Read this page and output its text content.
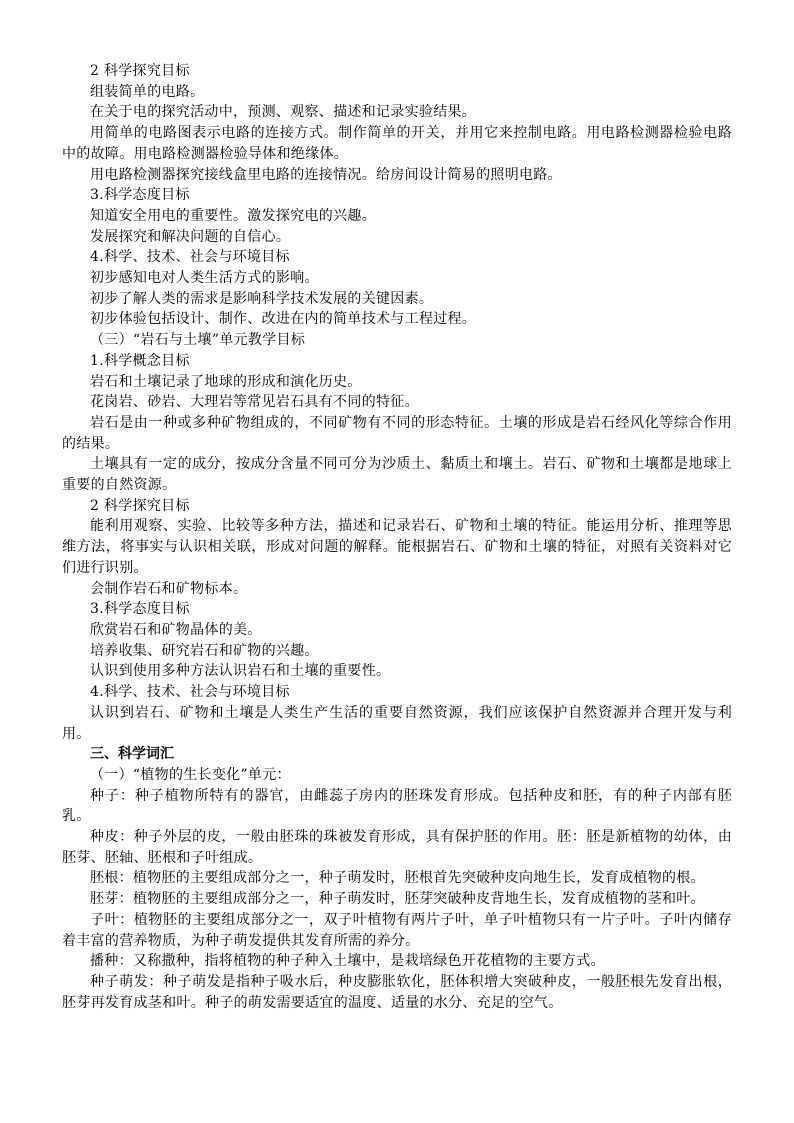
2 科学探究目标

组装简单的电路。

在关于电的探究活动中，预测、观察、描述和记录实验结果。

用简单的电路图表示电路的连接方式。制作简单的开关，并用它来控制电路。用电路检测器检验电路中的故障。用电路检测器检验导体和绝缘体。

用电路检测器探究接线盒里电路的连接情况。给房间设计简易的照明电路。

3.科学态度目标

知道安全用电的重要性。激发探究电的兴趣。

发展探究和解决问题的自信心。

4.科学、技术、社会与环境目标

初步感知电对人类生活方式的影响。

初步了解人类的需求是影响科学技术发展的关键因素。

初步体验包括设计、制作、改进在内的简单技术与工程过程。

（三）“岩石与土壤”单元教学目标

1.科学概念目标

岩石和土壤记录了地球的形成和演化历史。

花岗岩、砂岩、大理岩等常见岩石具有不同的特征。

岩石是由一种或多种矿物组成的，不同矿物有不同的形态特征。土壤的形成是岩石经风化等综合作用的结果。

土壤具有一定的成分，按成分含量不同可分为沙质土、黏质土和壤土。岩石、矿物和土壤都是地球上重要的自然资源。

2 科学探究目标

能利用观察、实验、比较等多种方法，描述和记录岩石、矿物和土壤的特征。能运用分析、推理等思维方法，将事实与认识相关联，形成对问题的解释。能根据岩石、矿物和土壤的特征，对照有关资料对它们进行识别。

会制作岩石和矿物标本。

3.科学态度目标

欣赏岩石和矿物晶体的美。

培养收集、研究岩石和矿物的兴趣。

认识到使用多种方法认识岩石和土壤的重要性。

4.科学、技术、社会与环境目标

认识到岩石、矿物和土壤是人类生产生活的重要自然资源，我们应该保护自然资源并合理开发与利用。

三、科学词汇

（一）“植物的生长变化”单元：

种子：种子植物所特有的器官，由雌蕊子房内的胚珠发育形成。包括种皮和胚，有的种子内部有胚乳。

种皮：种子外层的皮，一般由胚珠的珠被发育形成，具有保护胚的作用。胚：胚是新植物的幼体，由胚芽、胚轴、胚根和子叶组成。

胚根：植物胚的主要组成部分之一，种子萌发时，胚根首先突破种皮向地生长，发育成植物的根。

胚芽：植物胚的主要组成部分之一，种子萌发时，胚芽突破种皮背地生长，发育成植物的茎和叶。

子叶：植物胚的主要组成部分之一，双子叶植物有两片子叶，单子叶植物只有一片子叶。子叶内储存着丰富的营养物质，为种子萌发提供其发育所需的养分。

播种：又称撒种，指将植物的种子种入土壤中，是栽培绿色开花植物的主要方式。

种子萌发：种子萌发是指种子吸水后，种皮膨胀软化，胚体积增大突破种皮，一般胚根先发育出根，胚芽再发育成茎和叶。种子的萌发需要适宜的温度、适量的水分、充足的空气。
